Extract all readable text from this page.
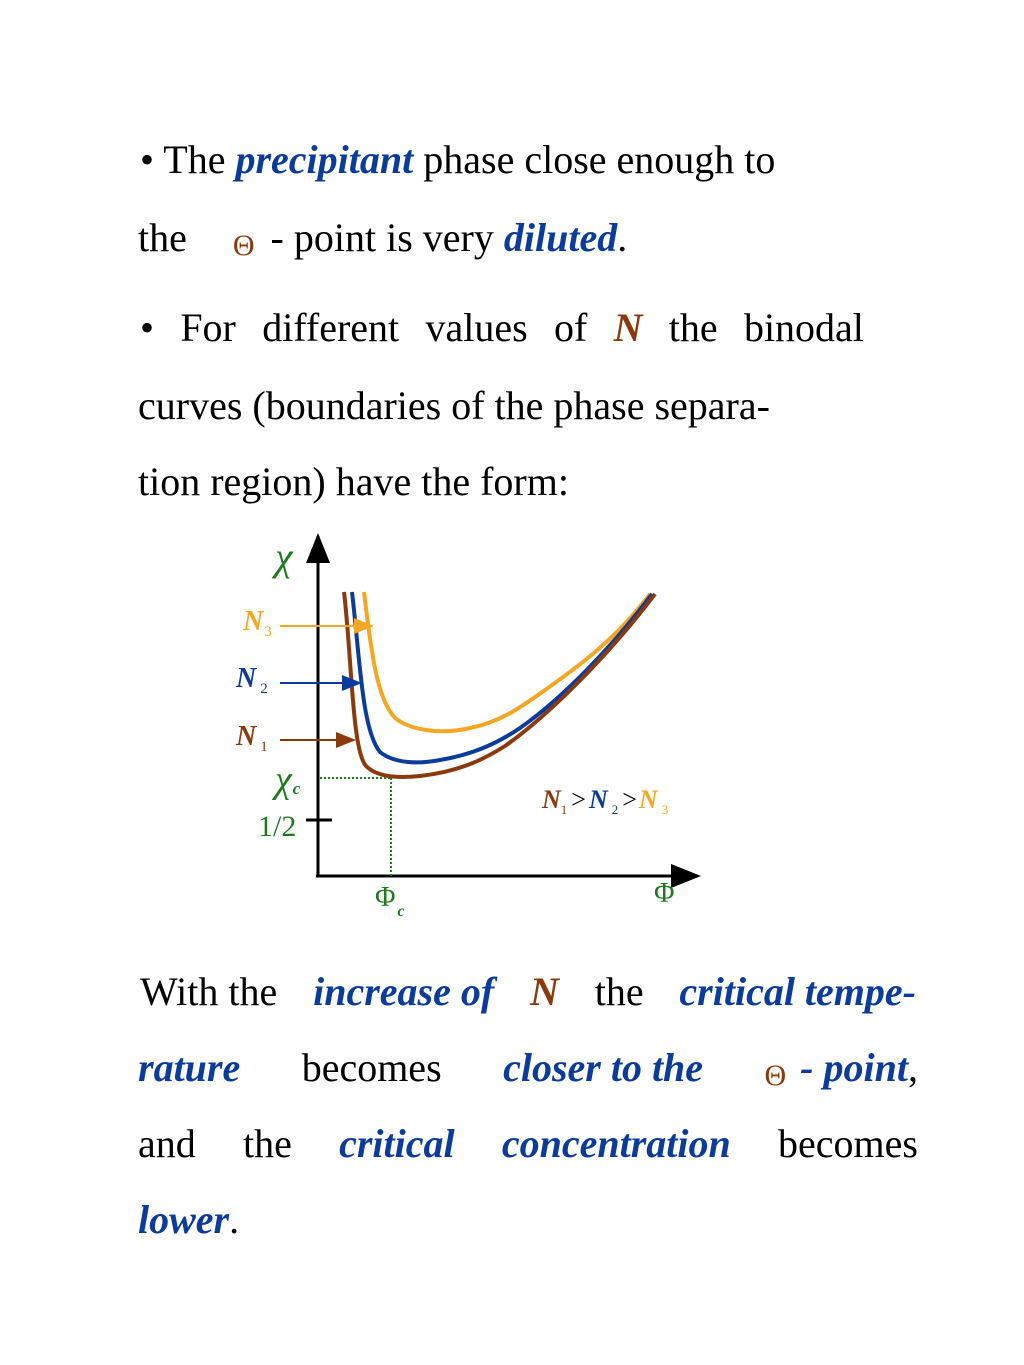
• The precipitant phase close enough to
the Θ - point is very diluted.
• For different values of N the binodal
curves (boundaries of the phase separa-
tion region) have the form:
χ
$N_3$
N $_2$
N $_1$
χc
1/2
Φ $_c$
Φ
$N_1 > N$ $_2$ >N $_3$
With the increase of N the critical tempe-
rature becomes closer to the Θ - point,
and the critical concentration becomes
lower.
